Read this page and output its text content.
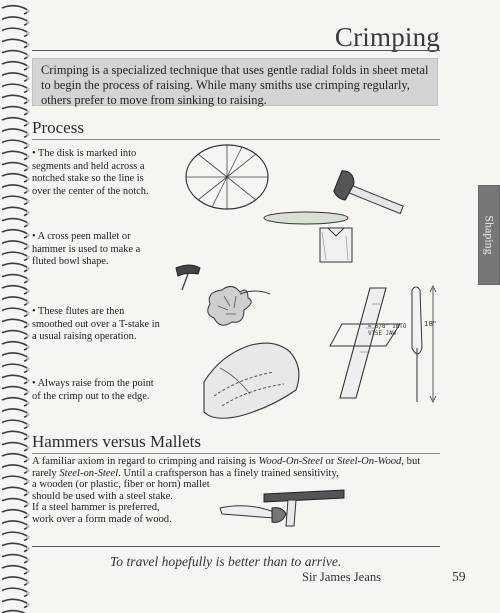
Crimping

Crimping is a specialized technique that uses gentle radial folds in sheet metal to begin the process of raising. While many smiths use crimping regularly, others prefer to move from sinking to raising.

Process
• The disk is marked into segments and held across a notched stake so the line is over the center of the notch.
• A cross peen mallet or hammer is used to make a fluted bowl shape.
• These flutes are then smoothed out over a T-stake in a usual raising operation.
• Always raise from the point of the crimp out to the edge.
≈ 5/8" INTO VISE JAW
18"
Shaping
Hammers versus Mallets
A familiar axiom in regard to crimping and raising is Wood-On-Steel or Steel-On-Wood, but
rarely Steel-on-Steel. Until a craftsperson has a finely trained sensitivity,
a wooden (or plastic, fiber or horn) mallet
should be used with a steel stake.
If a steel hammer is preferred,
work over a form made of wood.
To travel hopefully is better than to arrive.
Sir James Jeans	59
